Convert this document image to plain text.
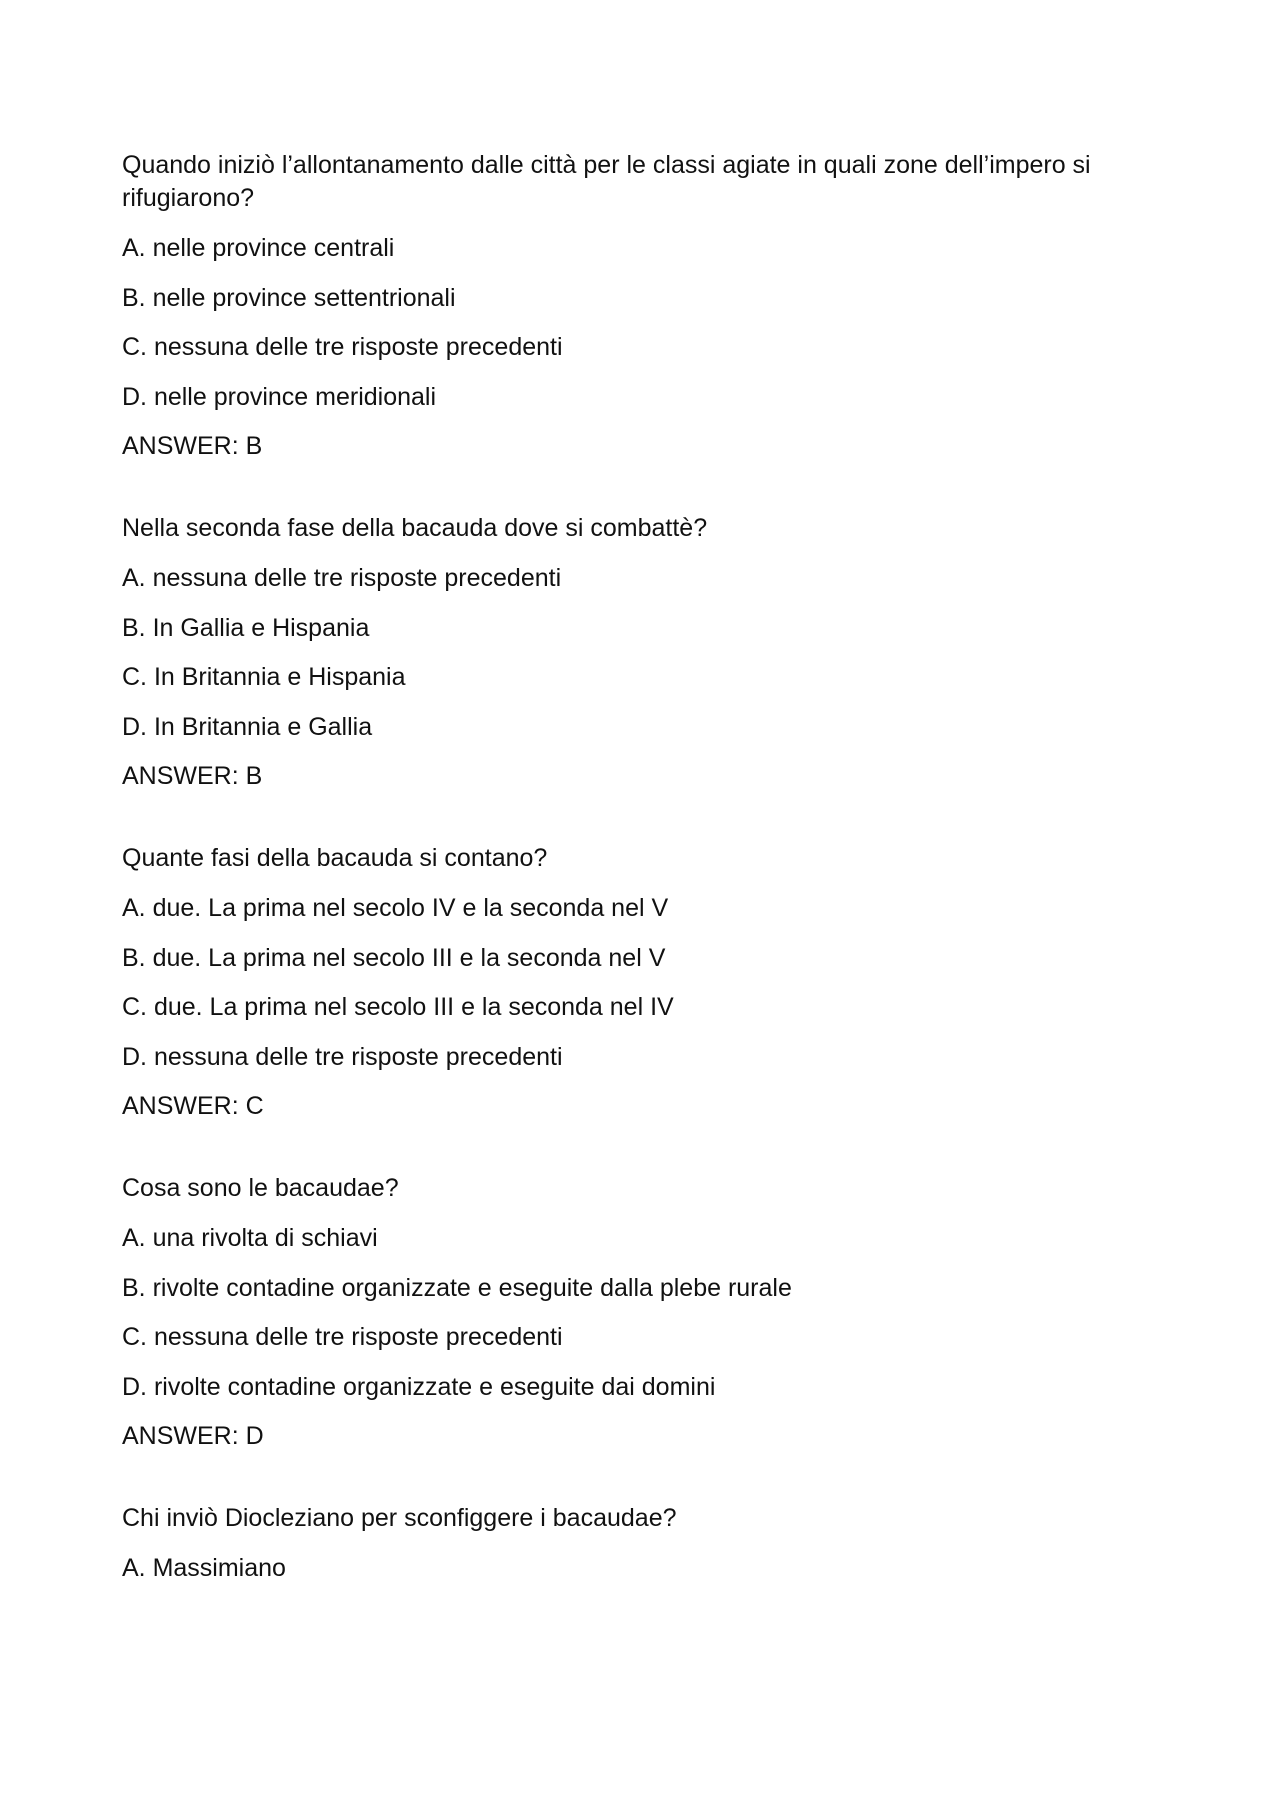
Quando iniziò l’allontanamento dalle città per le classi agiate in quali zone dell’impero si rifugiarono?

A. nelle province centrali

B. nelle province settentrionali

C. nessuna delle tre risposte precedenti

D. nelle province meridionali

ANSWER: B

Nella seconda fase della bacauda dove si combattè?

A. nessuna delle tre risposte precedenti

B. In Gallia e Hispania

C. In Britannia e Hispania

D. In Britannia e Gallia

ANSWER: B

Quante fasi della bacauda si contano?

A. due. La prima nel secolo IV e la seconda nel V

B. due. La prima nel secolo III e la seconda nel V

C. due. La prima nel secolo III e la seconda nel IV

D. nessuna delle tre risposte precedenti

ANSWER: C

Cosa sono le bacaudae?

A. una rivolta di schiavi

B. rivolte contadine organizzate e eseguite dalla plebe rurale

C. nessuna delle tre risposte precedenti

D. rivolte contadine organizzate e eseguite dai domini

ANSWER: D

Chi inviò Diocleziano per sconfiggere i bacaudae?

A. Massimiano
